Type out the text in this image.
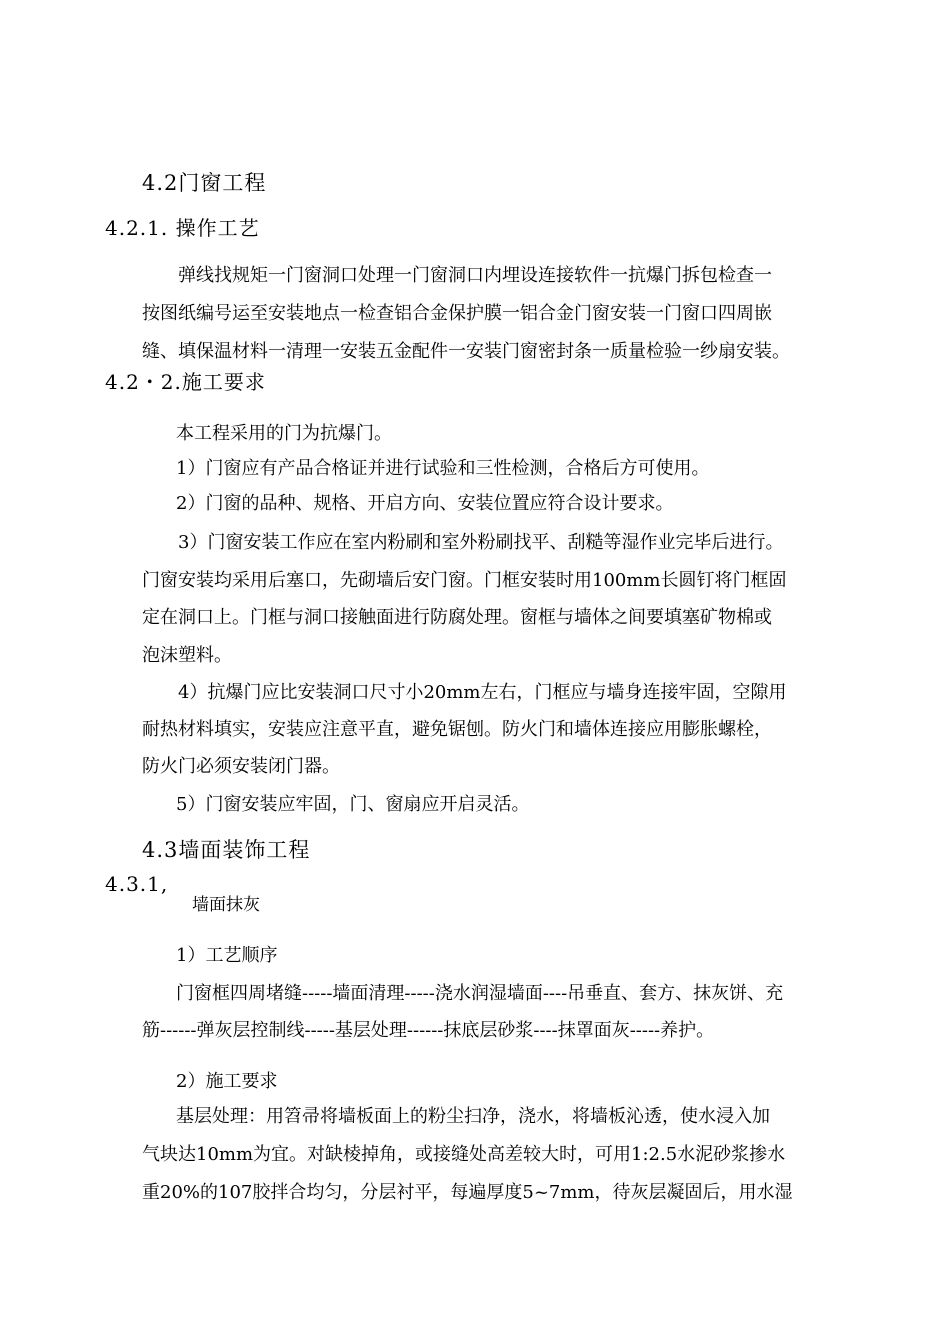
4.2门窗工程
4.2.1. 操作工艺
弹线找规矩一门窗洞口处理一门窗洞口内埋设连接软件一抗爆门拆包检查一
按图纸编号运至安装地点一检查铝合金保护膜一铝合金门窗安装一门窗口四周嵌
缝、填保温材料一清理一安装五金配件一安装门窗密封条一质量检验一纱扇安装。
4.2・2.施工要求
本工程采用的门为抗爆门。
1）门窗应有产品合格证并进行试验和三性检测，合格后方可使用。
2）门窗的品种、规格、开启方向、安装位置应符合设计要求。
3）门窗安装工作应在室内粉刷和室外粉刷找平、刮糙等湿作业完毕后进行。
门窗安装均采用后塞口，先砌墙后安门窗。门框安装时用100mm长圆钉将门框固
定在洞口上。门框与洞口接触面进行防腐处理。窗框与墙体之间要填塞矿物棉或
泡沫塑料。
4）抗爆门应比安装洞口尺寸小20mm左右，门框应与墙身连接牢固，空隙用
耐热材料填实，安装应注意平直，避免锯刨。防火门和墙体连接应用膨胀螺栓，
防火门必须安装闭门器。
5）门窗安装应牢固，门、窗扇应开启灵活。
4.3墙面装饰工程
4.3.1,
墙面抹灰
1）工艺顺序
门窗框四周堵缝-----墙面清理-----浇水润湿墙面----吊垂直、套方、抹灰饼、充
筋------弹灰层控制线-----基层处理------抹底层砂浆----抹罩面灰-----养护。
2）施工要求
基层处理：用笤帚将墙板面上的粉尘扫净，浇水，将墙板沁透，使水浸入加
气块达10mm为宜。对缺棱掉角，或接缝处高差较大时，可用1:2.5水泥砂浆掺水
重20%的107胶拌合均匀，分层衬平，每遍厚度5~7mm，待灰层凝固后，用水湿
